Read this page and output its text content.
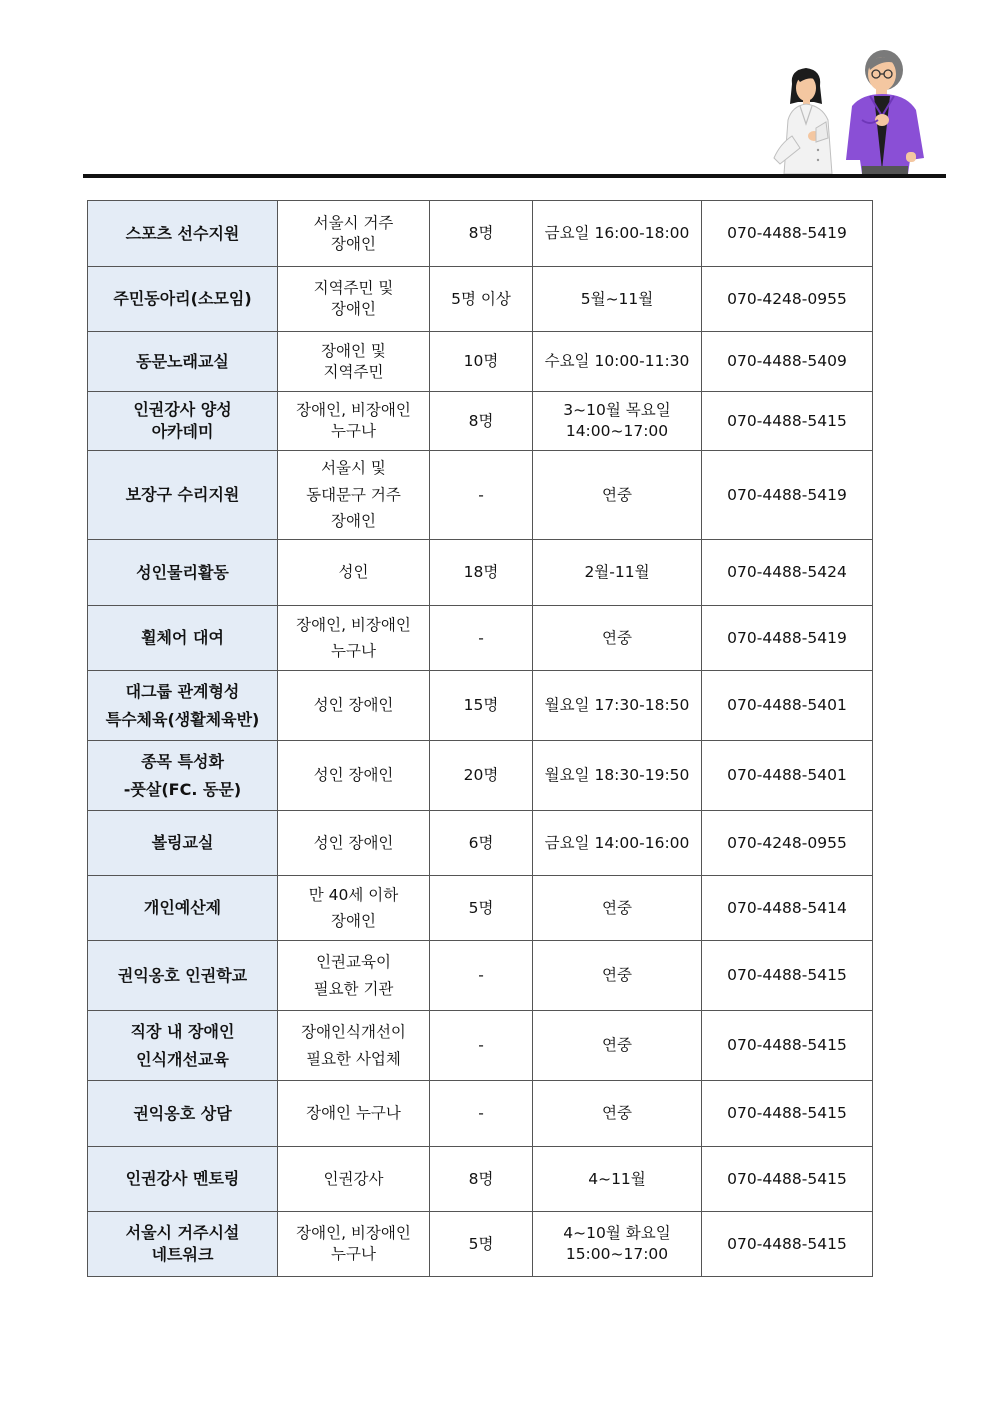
스포츠 선수지원	서울시 거주
장애인	8명	금요일 16:00-18:00	070-4488-5419

주민동아리(소모임)	지역주민 및
장애인	5명 이상	5월~11월	070-4248-0955

동문노래교실	장애인 및
지역주민	10명	수요일 10:00-11:30	070-4488-5409

인권강사 양성
아카데미	장애인, 비장애인
누구나	8명	3~10월 목요일
14:00~17:00	070-4488-5415

보장구 수리지원	서울시 및
동대문구 거주
장애인	-	연중	070-4488-5419

성인물리활동	성인	18명	2월-11월	070-4488-5424

휠체어 대여	장애인, 비장애인
누구나	-	연중	070-4488-5419

대그룹 관계형성
특수체육(생활체육반)	성인 장애인	15명	월요일 17:30-18:50	070-4488-5401

종목 특성화
-풋살(FC. 동문)	성인 장애인	20명	월요일 18:30-19:50	070-4488-5401

볼링교실	성인 장애인	6명	금요일 14:00-16:00	070-4248-0955

개인예산제	만 40세 이하
장애인	5명	연중	070-4488-5414

권익옹호 인권학교	인권교육이
필요한 기관	-	연중	070-4488-5415

직장 내 장애인
인식개선교육	장애인식개선이
필요한 사업체	-	연중	070-4488-5415

권익옹호 상담	장애인 누구나	-	연중	070-4488-5415

인권강사 멘토링	인권강사	8명	4~11월	070-4488-5415

서울시 거주시설
네트워크	장애인, 비장애인
누구나	5명	4~10월 화요일
15:00~17:00	070-4488-5415
